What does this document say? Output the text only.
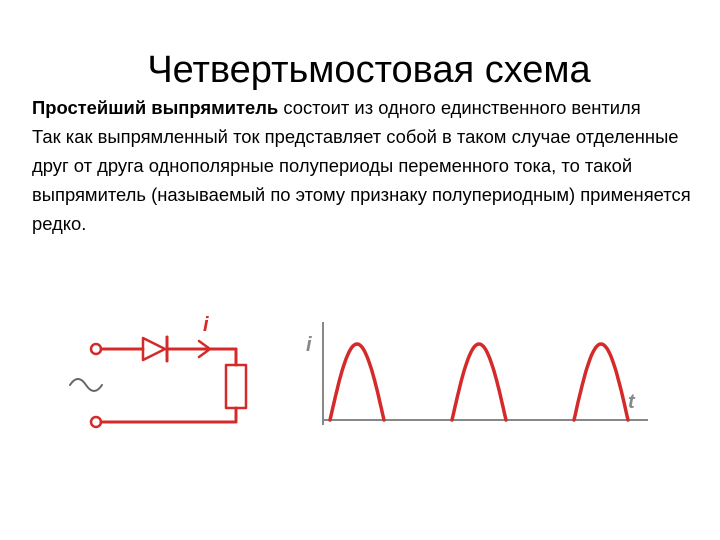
Четвертьмостовая схема

Простейший выпрямитель состоит из одного единственного вентиля

Так как выпрямленный ток представляет собой в таком случае отделенные друг от друга однополярные полупериоды переменного тока, то такой выпрямитель (называемый по этому признаку полупериодным) применяется редко.

i
i
t
